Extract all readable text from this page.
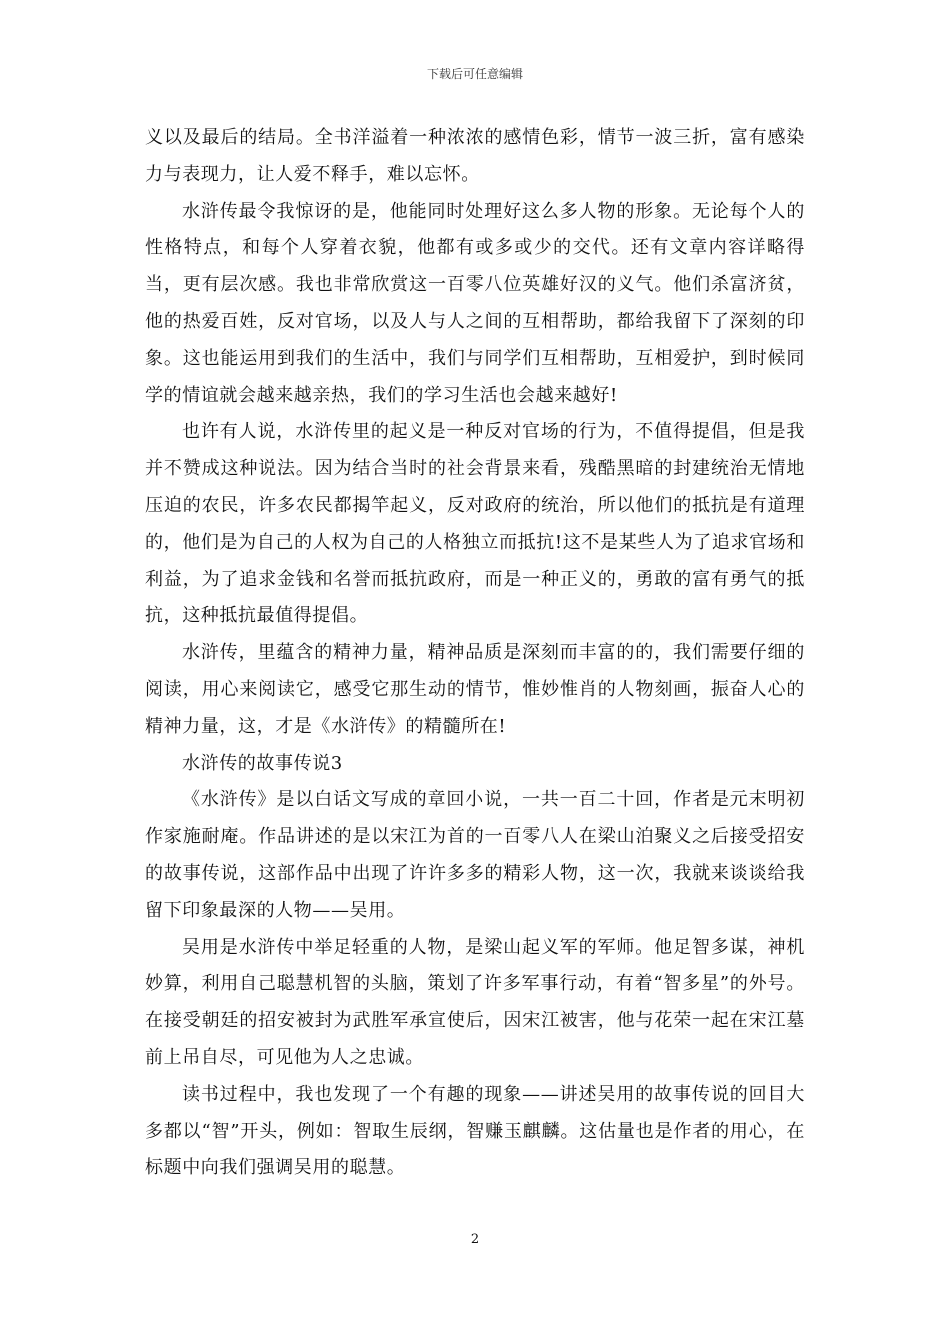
下载后可任意编辑

义以及最后的结局。全书洋溢着一种浓浓的感情色彩，情节一波三折，富有感染力与表现力，让人爱不释手，难以忘怀。

水浒传最令我惊讶的是，他能同时处理好这么多人物的形象。无论每个人的性格特点，和每个人穿着衣貌，他都有或多或少的交代。还有文章内容详略得当，更有层次感。我也非常欣赏这一百零八位英雄好汉的义气。他们杀富济贫，他的热爱百姓，反对官场，以及人与人之间的互相帮助，都给我留下了深刻的印象。这也能运用到我们的生活中，我们与同学们互相帮助，互相爱护，到时候同学的情谊就会越来越亲热，我们的学习生活也会越来越好!

也许有人说，水浒传里的起义是一种反对官场的行为，不值得提倡，但是我并不赞成这种说法。因为结合当时的社会背景来看，残酷黑暗的封建统治无情地压迫的农民，许多农民都揭竿起义，反对政府的统治，所以他们的抵抗是有道理的，他们是为自己的人权为自己的人格独立而抵抗!这不是某些人为了追求官场和利益，为了追求金钱和名誉而抵抗政府，而是一种正义的，勇敢的富有勇气的抵抗，这种抵抗最值得提倡。

水浒传，里蕴含的精神力量，精神品质是深刻而丰富的的，我们需要仔细的阅读，用心来阅读它，感受它那生动的情节，惟妙惟肖的人物刻画，振奋人心的精神力量，这，才是《水浒传》的精髓所在!

水浒传的故事传说3

《水浒传》是以白话文写成的章回小说，一共一百二十回，作者是元末明初作家施耐庵。作品讲述的是以宋江为首的一百零八人在梁山泊聚义之后接受招安的故事传说，这部作品中出现了许许多多的精彩人物，这一次，我就来谈谈给我留下印象最深的人物——吴用。

吴用是水浒传中举足轻重的人物，是梁山起义军的军师。他足智多谋，神机妙算，利用自己聪慧机智的头脑，策划了许多军事行动，有着“智多星”的外号。在接受朝廷的招安被封为武胜军承宣使后，因宋江被害，他与花荣一起在宋江墓前上吊自尽，可见他为人之忠诚。

读书过程中，我也发现了一个有趣的现象——讲述吴用的故事传说的回目大多都以“智”开头，例如：智取生辰纲，智赚玉麒麟。这估量也是作者的用心，在标题中向我们强调吴用的聪慧。

2
